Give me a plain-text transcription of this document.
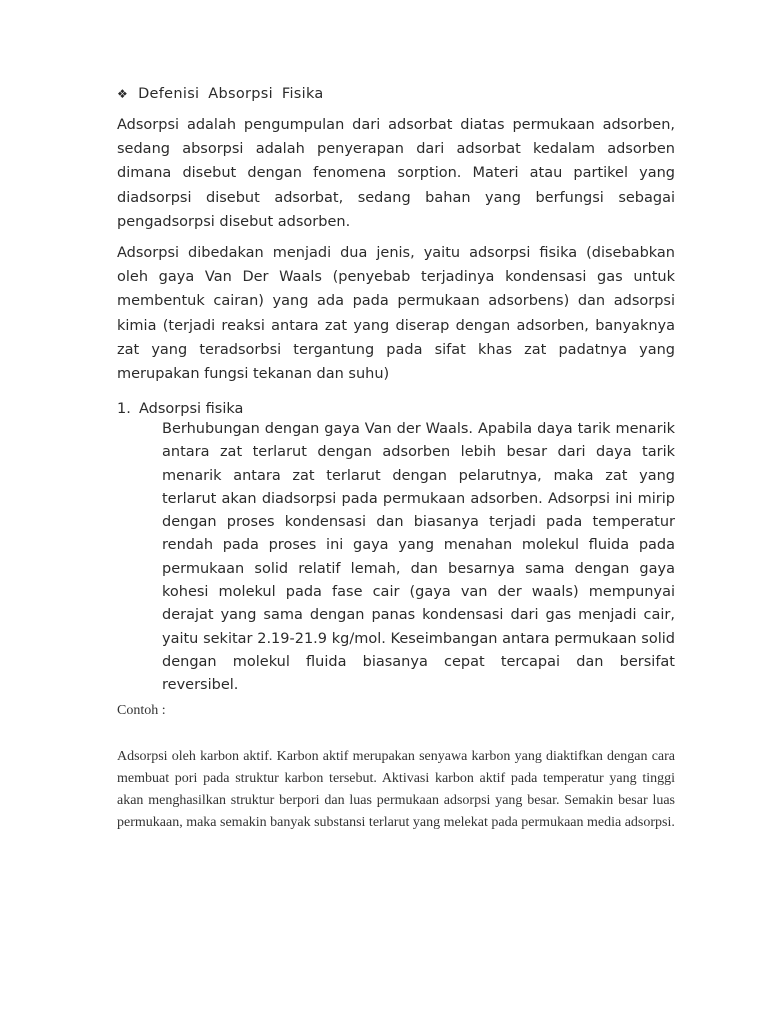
❖ Defenisi Absorpsi Fisika

Adsorpsi adalah pengumpulan dari adsorbat diatas permukaan adsorben, sedang absorpsi adalah penyerapan dari adsorbat kedalam adsorben dimana disebut dengan fenomena sorption. Materi atau partikel yang diadsorpsi disebut adsorbat, sedang bahan yang berfungsi sebagai pengadsorpsi disebut adsorben.

Adsorpsi dibedakan menjadi dua jenis, yaitu adsorpsi fisika (disebabkan oleh gaya Van Der Waals (penyebab terjadinya kondensasi gas untuk membentuk cairan) yang ada pada permukaan adsorbens) dan adsorpsi kimia (terjadi reaksi antara zat yang diserap dengan adsorben, banyaknya zat yang teradsorbsi tergantung pada sifat khas zat padatnya yang merupakan fungsi tekanan dan suhu)

1. Adsorpsi fisika

Berhubungan dengan gaya Van der Waals. Apabila daya tarik menarik antara zat terlarut dengan adsorben lebih besar dari daya tarik menarik antara zat terlarut dengan pelarutnya, maka zat yang terlarut akan diadsorpsi pada permukaan adsorben. Adsorpsi ini mirip dengan proses kondensasi dan biasanya terjadi pada temperatur rendah pada proses ini gaya yang menahan molekul fluida pada permukaan solid relatif lemah, dan besarnya sama dengan gaya kohesi molekul pada fase cair (gaya van der waals) mempunyai derajat yang sama dengan panas kondensasi dari gas menjadi cair, yaitu sekitar 2.19-21.9 kg/mol. Keseimbangan antara permukaan solid dengan molekul fluida biasanya cepat tercapai dan bersifat reversibel.

Contoh :

Adsorpsi oleh karbon aktif. Karbon aktif merupakan senyawa karbon yang diaktifkan dengan cara membuat pori pada struktur karbon tersebut. Aktivasi karbon aktif pada temperatur yang tinggi akan menghasilkan struktur berpori dan luas permukaan adsorpsi yang besar. Semakin besar luas permukaan, maka semakin banyak substansi terlarut yang melekat pada permukaan media adsorpsi.
